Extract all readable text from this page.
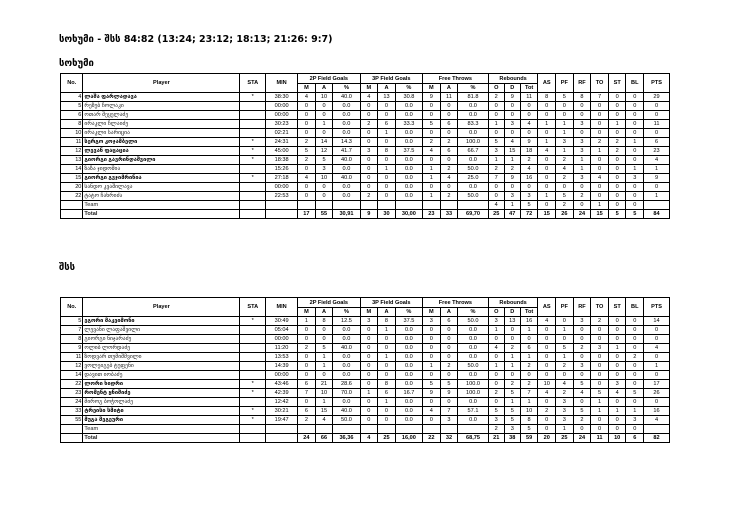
სოხუმი - შსს 84:82 (13:24; 23:12; 18:13; 21:26: 9:7)
სოხუმი
No.	Player	STA	MIN	2P Field Goals			3P Field Goals			Free Throws			Rebounds			AS	PF	RF	TO	ST	BL	PTS
				M	A	%	M	A	%	M	A	%	O	D	Tot							
4	ლაშა ფარლადავა	*	38:30	4	10	40.0	4	13	30.8	9	11	81.8	2	9	11	8	5	8	7	0	0	29
5	რეზუბ ჩოლაკი		00:00	0	0	0.0	0	0	0.0	0	0	0.0	0	0	0	0	0	0	0	0	0	0
6	ოთარ შეყელაძე		00:00	0	0	0.0	0	0	0.0	0	0	0.0	0	0	0	0	0	0	0	0	0	0
8	ირაკლი ჩლაიძე		30:23	0	1	0.0	2	6	33.3	5	6	83.3	1	3	4	1	1	3	0	1	0	11
10	ირაკლი სარიცია		02:21	0	0	0.0	0	1	0.0	0	0	0.0	0	0	0	0	1	0	0	0	0	0
11	სერგო კოჯამბელი	*	24:31	2	14	14.3	0	0	0.0	2	2	100.0	5	4	9	1	3	3	2	2	1	6
12	ლევან ფაცაცია	*	45:00	5	12	41.7	3	8	37.5	4	6	66.7	3	15	18	4	1	3	1	2	0	23
13	გიორგი გავრინდაშვილი	*	18:38	2	5	40.0	0	0	0.0	0	0	0.0	1	1	2	0	2	1	0	0	0	4
14	ზაზა ჯიდოშია		15:26	0	3	0.0	0	1	0.0	1	2	50.0	2	2	4	0	4	1	0	0	1	1
15	გიორგი გვჯიმრინია	*	27:18	4	10	40.0	0	0	0.0	1	4	25.0	7	9	16	0	2	3	4	0	3	9
20	სანდო კვაშილავა		00:00	0	0	0.0	0	0	0.0	0	0	0.0	0	0	0	0	0	0	0	0	0	0
22	ტატო ჩახრიძა		22:53	0	0	0.0	2	0	0.0	1	2	50.0	0	3	3	1	5	2	0	0	0	1
	Team												4	1	5	0	2	0	1	0	0	
	Total			17	55	30,91	9	30	30,00	23	33	69,70	25	47	72	15	26	24	15	5	5	84
შსს
No.	Player	STA	MIN	2P Field Goals			3P Field Goals			Free Throws			Rebounds			AS	PF	RF	TO	ST	BL	PTS
				M	A	%	M	A	%	M	A	%	O	D	Tot							
5	ეგორი მაკეიმონი	*	30:49	1	8	12.5	3	8	37.5	3	6	50.0	3	13	16	4	0	3	2	0	0	14
7	ლევანი ლაფაშვილი		05:04	0	0	0.0	0	1	0.0	0	0	0.0	1	0	1	0	1	0	0	0	0	0
8	გიორგი ნიჯარაძე		00:00	0	0	0.0	0	0	0.0	0	0	0.0	0	0	0	0	0	0	0	0	0	0
9	ოლიბ ლორდაძე		11:20	2	5	40.0	0	0	0.0	0	0	0.0	4	2	6	0	5	2	3	1	0	4
11	ზოდვარ თუმიშმვილი		13:53	0	1	0.0	0	1	0.0	0	0	0.0	0	1	1	0	1	0	0	0	2	0
12	ვოლეიგებ ტუფენი		14:39	0	1	0.0	0	0	0.0	1	2	50.0	1	1	2	0	2	3	0	0	0	1
14	დავით იობაძე		00:00	0	0	0.0	0	0	0.0	0	0	0.0	0	0	0	0	0	0	0	0	0	0
22	ლორი ხიდრი	*	43:46	6	21	28.6	0	8	0.0	5	5	100.0	0	2	2	10	4	5	0	3	0	17
23	რომენტ ყნიშიძე	*	42:39	7	10	70.0	1	6	16.7	9	9	100.0	2	5	7	4	2	4	5	4	5	26
24	მიროგ ბოჭოლაძე		12:42	0	1	0.0	0	1	0.0	0	0	0.0	0	1	1	0	3	0	1	0	0	0
33	ტრეისი სმიტი	*	30:21	6	15	40.0	0	0	0.0	4	7	57.1	5	5	10	2	3	5	1	1	1	16
55	მუგა მეგეური	*	19:47	2	4	50.0	0	0	0.0	0	3	0.0	3	5	8	0	3	2	0	0	3	4
	Team												2	3	5	0	1	0	0	0	0	
	Total			24	66	36,36	4	25	16,00	22	32	68,75	21	38	59	20	25	24	11	10	6	82
